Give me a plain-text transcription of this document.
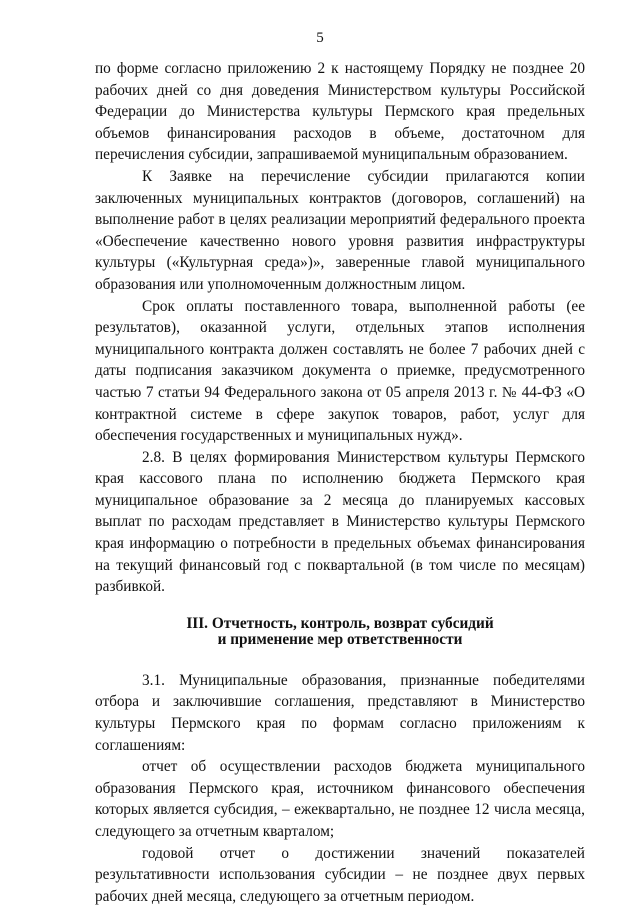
5

по форме согласно приложению 2 к настоящему Порядку не позднее 20 рабочих дней со дня доведения Министерством культуры Российской Федерации до Министерства культуры Пермского края предельных объемов финансирования расходов в объеме, достаточном для перечисления субсидии, запрашиваемой муниципальным образованием.

К Заявке на перечисление субсидии прилагаются копии заключенных муниципальных контрактов (договоров, соглашений) на выполнение работ в целях реализации мероприятий федерального проекта «Обеспечение качественно нового уровня развития инфраструктуры культуры («Культурная среда»)», заверенные главой муниципального образования или уполномоченным должностным лицом.

Срок оплаты поставленного товара, выполненной работы (ее результатов), оказанной услуги, отдельных этапов исполнения муниципального контракта должен составлять не более 7 рабочих дней с даты подписания заказчиком документа о приемке, предусмотренного частью 7 статьи 94 Федерального закона от 05 апреля 2013 г. № 44-ФЗ «О контрактной системе в сфере закупок товаров, работ, услуг для обеспечения государственных и муниципальных нужд».

2.8. В целях формирования Министерством культуры Пермского края кассового плана по исполнению бюджета Пермского края муниципальное образование за 2 месяца до планируемых кассовых выплат по расходам представляет в Министерство культуры Пермского края информацию о потребности в предельных объемах финансирования на текущий финансовый год с поквартальной (в том числе по месяцам) разбивкой.

III. Отчетность, контроль, возврат субсидий
и применение мер ответственности

3.1. Муниципальные образования, признанные победителями отбора и заключившие соглашения, представляют в Министерство культуры Пермского края по формам согласно приложениям к соглашениям:

отчет об осуществлении расходов бюджета муниципального образования Пермского края, источником финансового обеспечения которых является субсидия, – ежеквартально, не позднее 12 числа месяца, следующего за отчетным кварталом;

годовой отчет о достижении значений показателей результативности использования субсидии – не позднее двух первых рабочих дней месяца, следующего за отчетным периодом.
